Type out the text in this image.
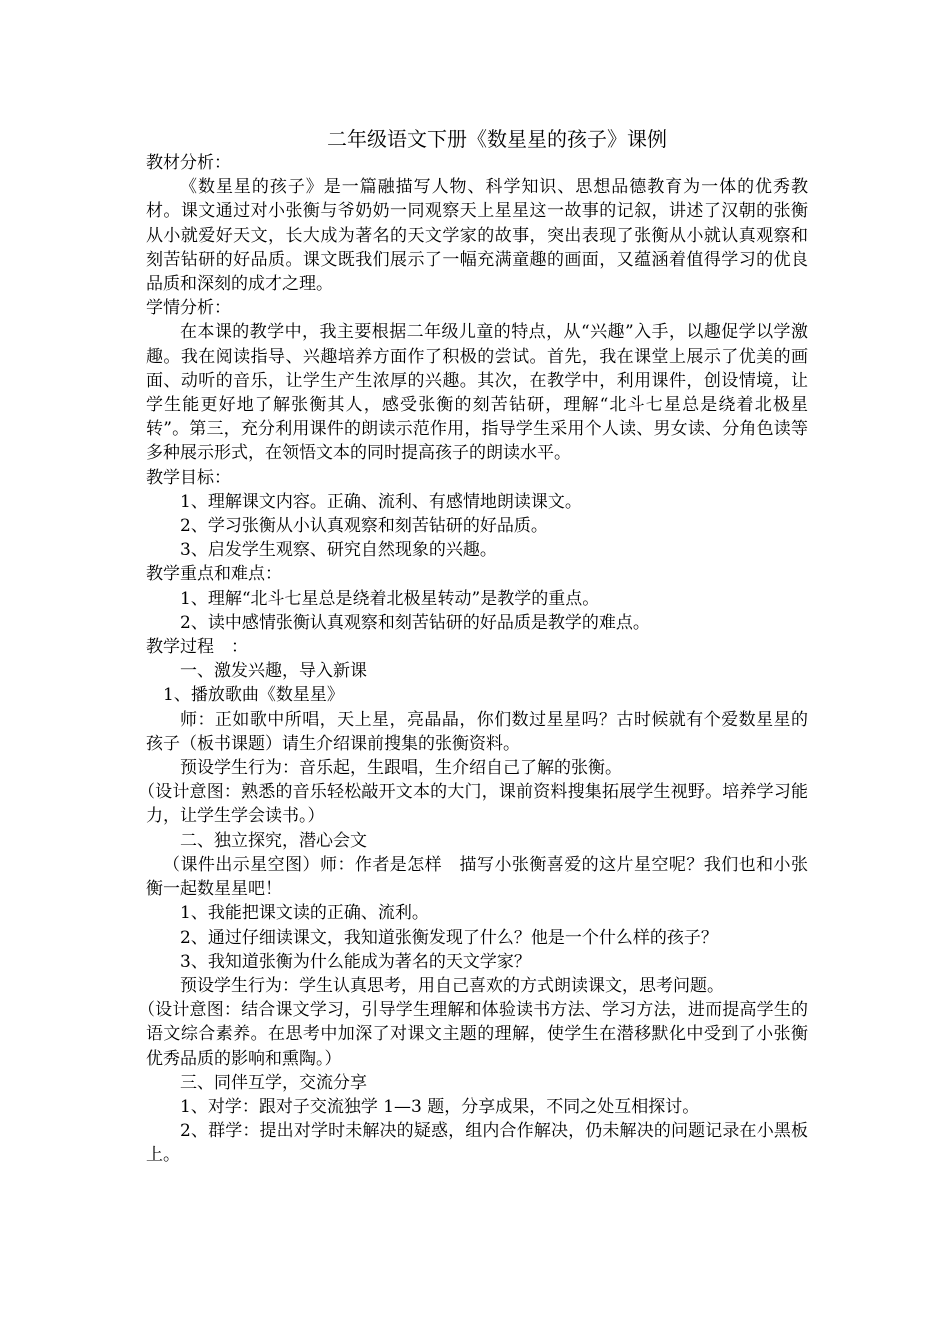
二年级语文下册《数星星的孩子》课例

教材分析：

《数星星的孩子》是一篇融描写人物、科学知识、思想品德教育为一体的优秀教材。课文通过对小张衡与爷奶奶一同观察天上星星这一故事的记叙，讲述了汉朝的张衡从小就爱好天文，长大成为著名的天文学家的故事，突出表现了张衡从小就认真观察和刻苦钻研的好品质。课文既我们展示了一幅充满童趣的画面，又蕴涵着值得学习的优良品质和深刻的成才之理。

学情分析：

在本课的教学中，我主要根据二年级儿童的特点，从“兴趣”入手，以趣促学以学激趣。我在阅读指导、兴趣培养方面作了积极的尝试。首先，我在课堂上展示了优美的画面、动听的音乐，让学生产生浓厚的兴趣。其次，在教学中，利用课件，创设情境，让学生能更好地了解张衡其人，感受张衡的刻苦钻研，理解“北斗七星总是绕着北极星转”。第三，充分利用课件的朗读示范作用，指导学生采用个人读、男女读、分角色读等多种展示形式，在领悟文本的同时提高孩子的朗读水平。

教学目标：

1、理解课文内容。正确、流利、有感情地朗读课文。

2、学习张衡从小认真观察和刻苦钻研的好品质。

3、启发学生观察、研究自然现象的兴趣。

教学重点和难点：

1、理解“北斗七星总是绕着北极星转动”是教学的重点。

2、读中感情张衡认真观察和刻苦钻研的好品质是教学的难点。

教学过程　：

一、激发兴趣，导入新课

1、播放歌曲《数星星》

师：正如歌中所唱，天上星，亮晶晶，你们数过星星吗？古时候就有个爱数星星的孩子（板书课题）请生介绍课前搜集的张衡资料。

预设学生行为：音乐起，生跟唱，生介绍自己了解的张衡。

（设计意图：熟悉的音乐轻松敲开文本的大门，课前资料搜集拓展学生视野。培养学习能力，让学生学会读书。）

二、独立探究，潜心会文

（课件出示星空图）师：作者是怎样　描写小张衡喜爱的这片星空呢？我们也和小张衡一起数星星吧！

1、我能把课文读的正确、流利。

2、通过仔细读课文，我知道张衡发现了什么？他是一个什么样的孩子？

3、我知道张衡为什么能成为著名的天文学家？

预设学生行为：学生认真思考，用自己喜欢的方式朗读课文，思考问题。

（设计意图：结合课文学习，引导学生理解和体验读书方法、学习方法，进而提高学生的语文综合素养。在思考中加深了对课文主题的理解，使学生在潜移默化中受到了小张衡优秀品质的影响和熏陶。）

三、同伴互学，交流分享

1、对学：跟对子交流独学 1—3 题，分享成果，不同之处互相探讨。

2、群学：提出对学时未解决的疑惑，组内合作解决，仍未解决的问题记录在小黑板上。
